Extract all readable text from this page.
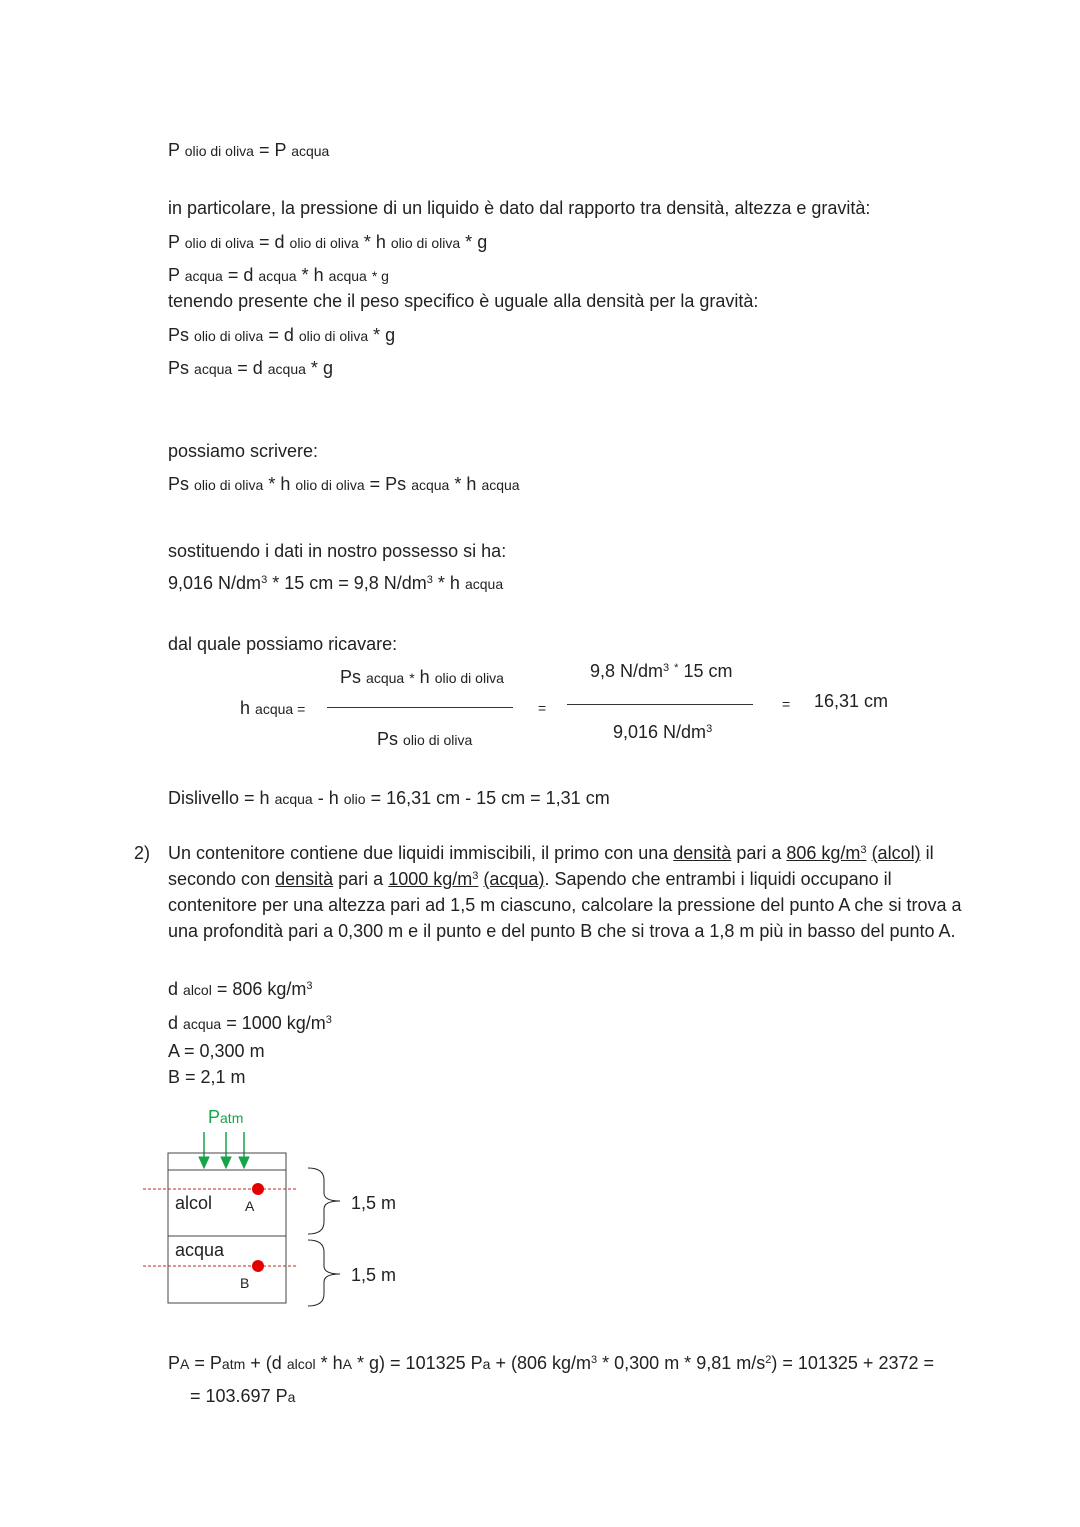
P olio di oliva = P acqua
in particolare, la pressione di un liquido è dato dal rapporto tra densità, altezza e gravità:
P olio di oliva = d olio di oliva * h olio di oliva * g
P acqua = d acqua * h acqua * g
tenendo presente che il peso specifico è uguale alla densità per la gravità:
Ps olio di oliva = d olio di oliva * g
Ps acqua = d acqua * g
possiamo scrivere:
Ps olio di oliva * h olio di oliva = Ps acqua * h acqua
sostituendo i dati in nostro possesso si ha:
9,016 $N/dm^3 * 15$ cm = 9,8 $N/dm^3$ * h acqua
dal quale possiamo ricavare:
h acqua =
Ps acqua * h olio di oliva
Ps olio di oliva
=
9,8 $N/dm^3$ * 15 cm
9,016 $N/dm^3$
= 16,31 cm
Dislivello = h acqua - h olio = 16,31 cm - 15 cm = 1,31 cm
2) Un contenitore contiene due liquidi immiscibili, il primo con una densità pari a 806 $kg/m^3$ (alcol) il
secondo con densità pari a 1000 $kg/m^3$ (acqua). Sapendo che entrambi i liquidi occupano il
contenitore per una altezza pari ad 1,5 m ciascuno, calcolare la pressione del punto A che si trova a
una profondità pari a 0,300 m e il punto e del punto B che si trova a 1,8 m più in basso del punto A.
d alcol = 806 $kg/m^3$
d acqua = 1000 $kg/m^3$
A = 0,300 m
B = 2,1 m
Patm
alcol A
acqua
B
1,5 m
1,5 m
PA = Patm + (d alcol * hA * g) = 101325 Pa + (806 $kg/m^3 * 0,300$ m * 9,81 $m/s^2) = 101325 + 2372$ =
= 103.697 Pa
